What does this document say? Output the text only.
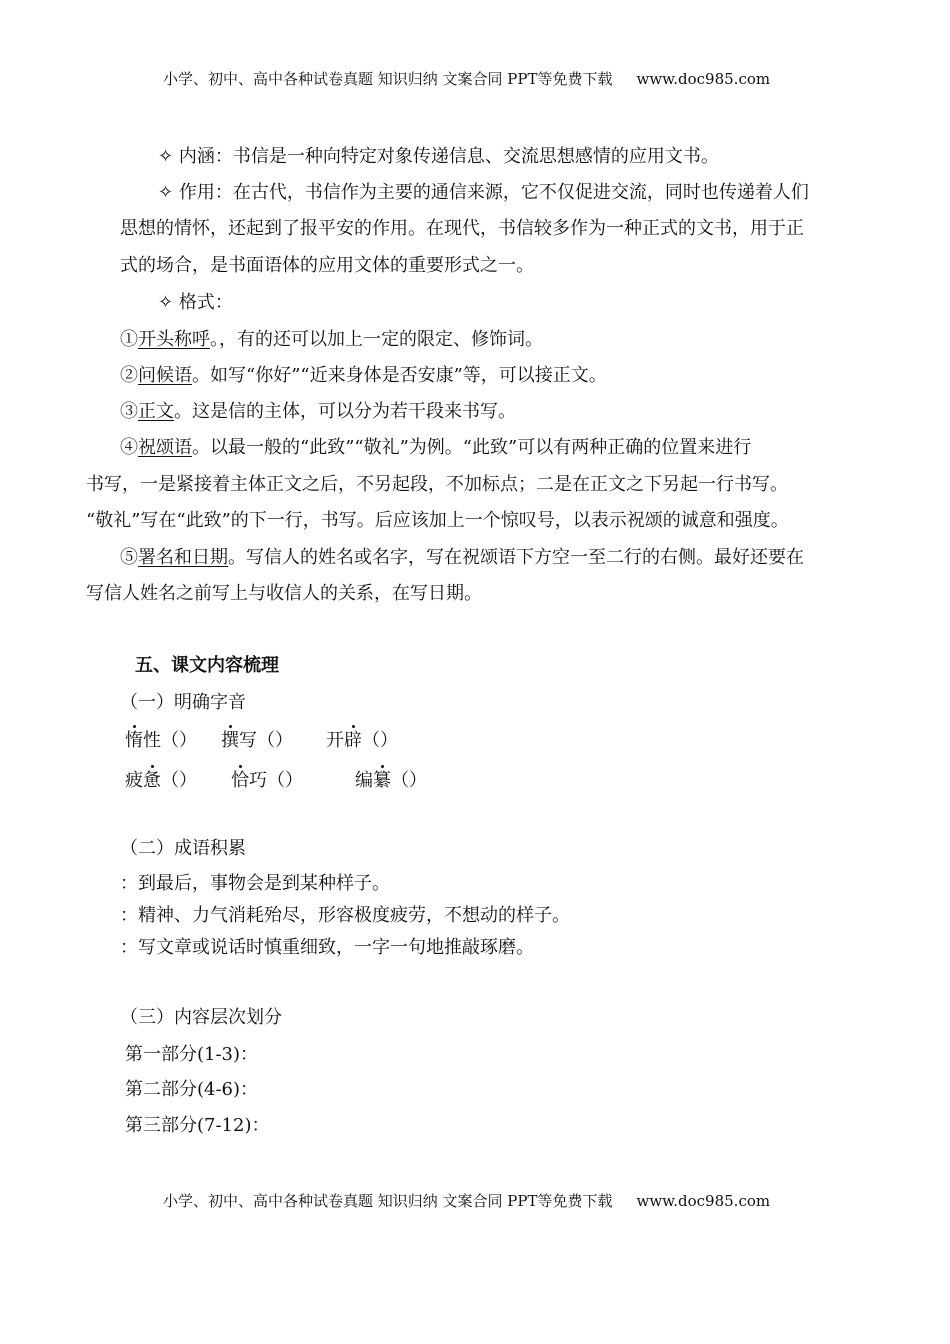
小学、初中、高中各种试卷真题 知识归纳 文案合同 PPT等免费下载 www.doc985.com
✧ 内涵：书信是一种向特定对象传递信息、交流思想感情的应用文书。
✧ 作用：在古代，书信作为主要的通信来源，它不仅促进交流，同时也传递着人们
思想的情怀，还起到了报平安的作用。在现代，书信较多作为一种正式的文书，用于正
式的场合，是书面语体的应用文体的重要形式之一。
✧ 格式：
①开头称呼。，有的还可以加上一定的限定、修饰词。
②问候语。如写“你好”“近来身体是否安康”等，可以接正文。
③正文。这是信的主体，可以分为若干段来书写。
④祝颂语。以最一般的“此致”“敬礼”为例。“此致”可以有两种正确的位置来进行
书写，一是紧接着主体正文之后，不另起段，不加标点；二是在正文之下另起一行书写。
“敬礼”写在“此致”的下一行，书写。后应该加上一个惊叹号，以表示祝颂的诚意和强度。
⑤署名和日期。写信人的姓名或名字，写在祝颂语下方空一至二行的右侧。最好还要在
写信人姓名之前写上与收信人的关系，在写日期。
五、课文内容梳理
（一）明确字音
惰性（） 撰写（） 开辟（）
疲惫（） 恰巧（）	编纂（）
（二）成语积累
：到最后，事物会是到某种样子。
：精神、力气消耗殆尽，形容极度疲劳，不想动的样子。
：写文章或说话时慎重细致，一字一句地推敲琢磨。
（三）内容层次划分
第一部分(1-3)：
第二部分(4-6)：
第三部分(7-12)：
小学、初中、高中各种试卷真题 知识归纳 文案合同 PPT等免费下载 www.doc985.com
